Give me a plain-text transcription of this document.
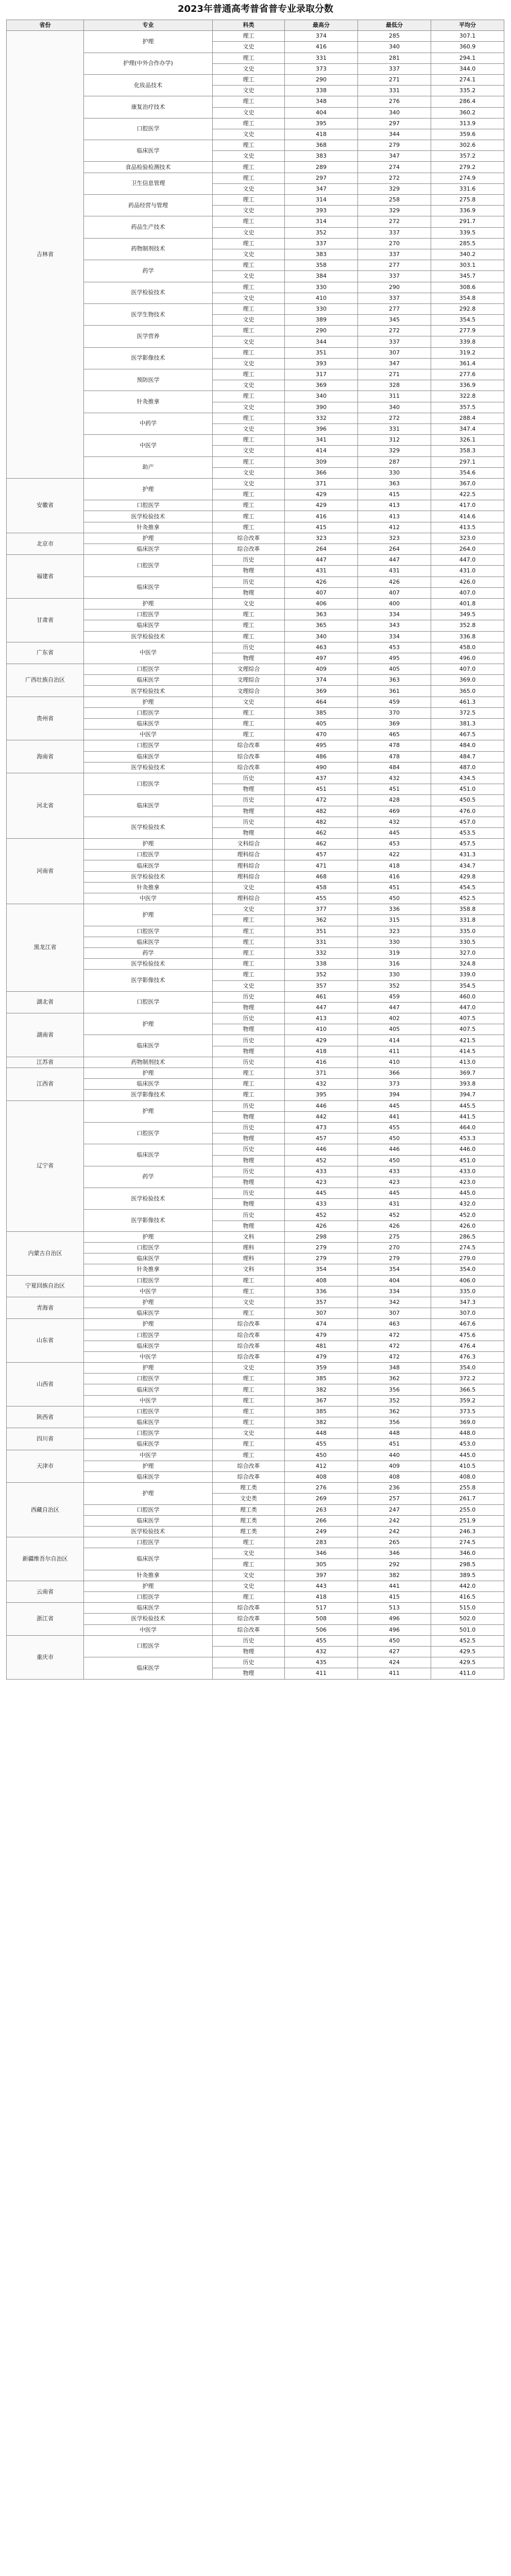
2023年普通高考普省普专业录取分数
省份	专业	科类	最高分	最低分	平均分
吉林省	护理	理工	374	285	307.1
		文史	416	340	360.9
	护理(中外合作办学)	理工	331	281	294.1
		文史	373	337	344.0
	化妆品技术	理工	290	271	274.1
		文史	338	331	335.2
	康复治疗技术	理工	348	276	286.4
		文史	404	340	360.2
	口腔医学	理工	395	297	313.9
		文史	418	344	359.6
	临床医学	理工	368	279	302.6
		文史	383	347	357.2
	食品检验检测技术	理工	289	274	279.2
	卫生信息管理	理工	297	272	274.9
		文史	347	329	331.6
	药品经营与管理	理工	314	258	275.8
		文史	393	329	336.9
	药品生产技术	理工	314	272	291.7
		文史	352	337	339.5
	药物制剂技术	理工	337	270	285.5
		文史	383	337	340.2
	药学	理工	358	277	303.1
		文史	384	337	345.7
	医学检验技术	理工	330	290	308.6
		文史	410	337	354.8
	医学生物技术	理工	330	277	292.8
		文史	389	345	354.5
	医学营养	理工	290	272	277.9
		文史	344	337	339.8
	医学影像技术	理工	351	307	319.2
		文史	393	347	361.4
	预防医学	理工	317	271	277.6
		文史	369	328	336.9
	针灸推拿	理工	340	311	322.8
		文史	390	340	357.5
	中药学	理工	332	272	288.4
		文史	396	331	347.4
	中医学	理工	341	312	326.1
		文史	414	329	358.3
	助产	理工	309	287	297.1
		文史	366	330	354.6
安徽省	护理	文史	371	363	367.0
		理工	429	415	422.5
	口腔医学	理工	429	413	417.0
	医学检验技术	理工	416	413	414.6
	针灸推拿	理工	415	412	413.5
北京市	护理	综合改革	323	323	323.0
	临床医学	综合改革	264	264	264.0
福建省	口腔医学	历史	447	447	447.0
		物理	431	431	431.0
	临床医学	历史	426	426	426.0
		物理	407	407	407.0
甘肃省	护理	文史	406	400	401.8
	口腔医学	理工	363	334	349.5
	临床医学	理工	365	343	352.8
	医学检验技术	理工	340	334	336.8
广东省	中医学	历史	463	453	458.0
		物理	497	495	496.0
广西壮族自治区	口腔医学	文理综合	409	405	407.0
	临床医学	文理综合	374	363	369.0
	医学检验技术	文理综合	369	361	365.0
贵州省	护理	文史	464	459	461.3
	口腔医学	理工	385	370	372.5
	临床医学	理工	405	369	381.3
	中医学	理工	470	465	467.5
海南省	口腔医学	综合改革	495	478	484.0
	临床医学	综合改革	486	478	484.7
	医学检验技术	综合改革	490	484	487.0
河北省	口腔医学	历史	437	432	434.5
		物理	451	451	451.0
	临床医学	历史	472	428	450.5
		物理	482	469	476.0
	医学检验技术	历史	482	432	457.0
		物理	462	445	453.5
河南省	护理	文科综合	462	453	457.5
	口腔医学	理科综合	457	422	431.3
	临床医学	理科综合	471	418	434.7
	医学检验技术	理科综合	468	416	429.8
	针灸推拿	文史	458	451	454.5
	中医学	理科综合	455	450	452.5
黑龙江省	护理	文史	377	336	358.8
		理工	362	315	331.8
	口腔医学	理工	351	323	335.0
	临床医学	理工	331	330	330.5
	药学	理工	332	319	327.0
	医学检验技术	理工	338	316	324.8
	医学影像技术	理工	352	330	339.0
		文史	357	352	354.5
湖北省	口腔医学	历史	461	459	460.0
		物理	447	447	447.0
湖南省	护理	历史	413	402	407.5
		物理	410	405	407.5
	临床医学	历史	429	414	421.5
		物理	418	411	414.5
江苏省	药物制剂技术	历史	416	410	413.0
江西省	护理	理工	371	366	369.7
	临床医学	理工	432	373	393.8
	医学影像技术	理工	395	394	394.7
辽宁省	护理	历史	446	445	445.5
		物理	442	441	441.5
	口腔医学	历史	473	455	464.0
		物理	457	450	453.3
	临床医学	历史	446	446	446.0
		物理	452	450	451.0
	药学	历史	433	433	433.0
		物理	423	423	423.0
	医学检验技术	历史	445	445	445.0
		物理	433	431	432.0
	医学影像技术	历史	452	452	452.0
		物理	426	426	426.0
内蒙古自治区	护理	文科	298	275	286.5
	口腔医学	理科	279	270	274.5
	临床医学	理科	279	279	279.0
	针灸推拿	文科	354	354	354.0
宁夏回族自治区	口腔医学	理工	408	404	406.0
	中医学	理工	336	334	335.0
青海省	护理	文史	357	342	347.3
	临床医学	理工	307	307	307.0
山东省	护理	综合改革	474	463	467.6
	口腔医学	综合改革	479	472	475.6
	临床医学	综合改革	481	472	476.4
	中医学	综合改革	479	472	476.3
山西省	护理	文史	359	348	354.0
	口腔医学	理工	385	362	372.2
	临床医学	理工	382	356	366.5
	中医学	理工	367	352	359.2
陕西省	口腔医学	理工	385	362	373.5
	临床医学	理工	382	356	369.0
四川省	口腔医学	文史	448	448	448.0
	临床医学	理工	455	451	453.0
天津市	中医学	理工	450	440	445.0
	护理	综合改革	412	409	410.5
	临床医学	综合改革	408	408	408.0
西藏自治区	护理	理工类	276	236	255.8
		文史类	269	257	261.7
	口腔医学	理工类	263	247	255.0
	临床医学	理工类	266	242	251.9
	医学检验技术	理工类	249	242	246.3
新疆维吾尔自治区	口腔医学	理工	283	265	274.5
	临床医学	文史	346	346	346.0
		理工	305	292	298.5
	针灸推拿	文史	397	382	389.5
云南省	护理	文史	443	441	442.0
	口腔医学	理工	418	415	416.5
浙江省	临床医学	综合改革	517	513	515.0
	医学检验技术	综合改革	508	496	502.0
	中医学	综合改革	506	496	501.0
重庆市	口腔医学	历史	455	450	452.5
		物理	432	427	429.5
	临床医学	历史	435	424	429.5
		物理	411	411	411.0
